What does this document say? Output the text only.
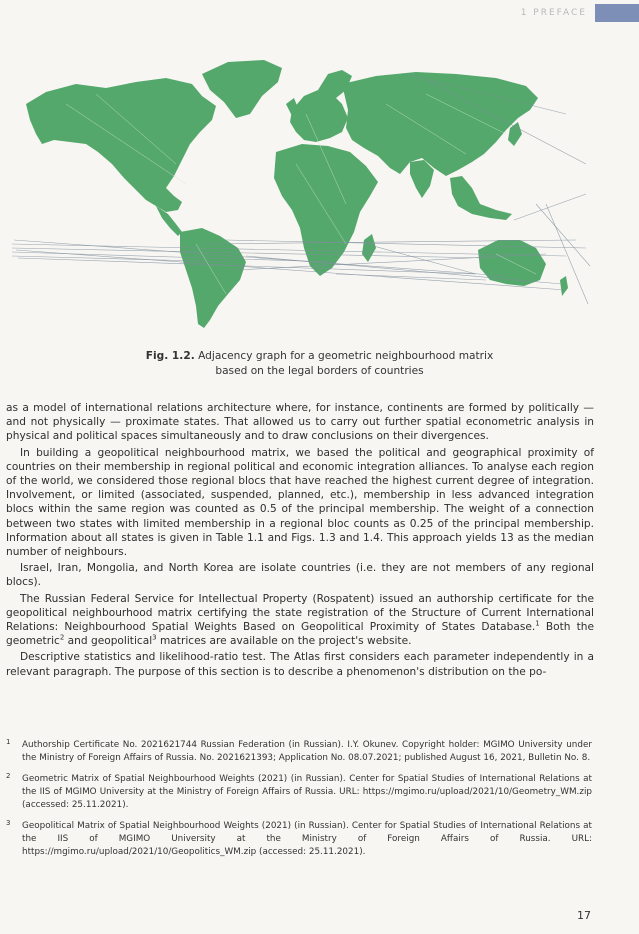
1 PREFACE
Fig. 1.2. Adjacency graph for a geometric neighbourhood matrix
based on the legal borders of countries

as a model of international relations architecture where, for instance, continents are formed by politically — and not physically — proximate states. That allowed us to carry out further spatial econometric analysis in physical and political spaces simultaneously and to draw conclusions on their divergences.

In building a geopolitical neighbourhood matrix, we based the political and geographical proximity of countries on their membership in regional political and economic integration alliances. To analyse each region of the world, we considered those regional blocs that have reached the highest current degree of integration. Involvement, or limited (associated, suspended, planned, etc.), membership in less advanced integration blocs within the same region was counted as 0.5 of the principal membership. The weight of a connection between two states with limited membership in a regional bloc counts as 0.25 of the principal membership. Information about all states is given in Table 1.1 and Figs. 1.3 and 1.4. This approach yields 13 as the median number of neighbours.

Israel, Iran, Mongolia, and North Korea are isolate countries (i.e. they are not members of any regional blocs).

The Russian Federal Service for Intellectual Property (Rospatent) issued an authorship certificate for the geopolitical neighbourhood matrix certifying the state registration of the Structure of Current International Relations: Neighbourhood Spatial Weights Based on Geopolitical Proximity of States Database.$^1$ Both the geometric$^2$ and geopolitical$^3$ matrices are available on the project's website.

Descriptive statistics and likelihood-ratio test. The Atlas first considers each parameter independently in a relevant paragraph. The purpose of this section is to describe a phenomenon's distribution on the po-

1 Authorship Certificate No. 2021621744 Russian Federation (in Russian). I.Y. Okunev. Copyright holder: MGIMO University under the Ministry of Foreign Affairs of Russia. No. 2021621393; Application No. 08.07.2021; published August 16, 2021, Bulletin No. 8.
2 Geometric Matrix of Spatial Neighbourhood Weights (2021) (in Russian). Center for Spatial Studies of International Relations at the IIS of MGIMO University at the Ministry of Foreign Affairs of Russia. URL: https://mgimo.ru/upload/2021/10/Geometry_WM.zip (accessed: 25.11.2021).
3 Geopolitical Matrix of Spatial Neighbourhood Weights (2021) (in Russian). Center for Spatial Studies of International Relations at the IIS of MGIMO University at the Ministry of Foreign Affairs of Russia. URL: https://mgimo.ru/upload/2021/10/Geopolitics_WM.zip (accessed: 25.11.2021).
17
